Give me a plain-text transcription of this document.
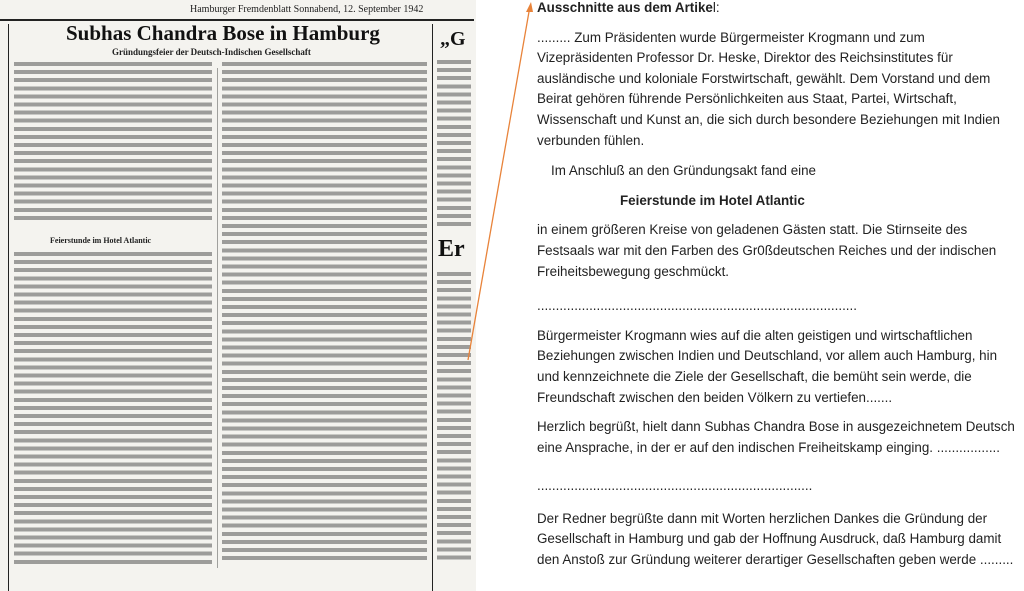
Hamburger Fremdenblatt Sonnabend, 12. September 1942
Subhas Chandra Bose in Hamburg
Gründungsfeier der Deutsch-Indischen Gesellschaft
Feierstunde im Hotel Atlantic
„G
Er

Ausschnitte aus dem Artikel:

......... Zum Präsidenten wurde Bürgermeister Krogmann und zum Vizepräsidenten Professor Dr. Heske, Direktor des Reichsinstitutes für ausländische und koloniale Forstwirtschaft, gewählt. Dem Vorstand und dem Beirat gehören führende Persönlichkeiten aus Staat, Partei, Wirtschaft, Wissenschaft und Kunst an, die sich durch besondere Beziehungen mit Indien verbunden fühlen.

Im Anschluß an den Gründungsakt fand eine

Feierstunde im Hotel Atlantic

in einem größeren Kreise von geladenen Gästen statt. Die Stirnseite des Festsaals war mit den Farben des Gr0ßdeutschen Reiches und der indischen Freiheitsbewegung geschmückt.

......................................................................................

Bürgermeister Krogmann wies auf die alten geistigen und wirtschaftlichen Beziehungen zwischen Indien und Deutschland, vor allem auch Hamburg, hin und kennzeichnete die Ziele der Gesellschaft, die bemüht sein werde, die Freundschaft zwischen den beiden Völkern zu vertiefen.......

Herzlich begrüßt, hielt dann Subhas Chandra Bose in ausgezeichnetem Deutsch eine Ansprache, in der er auf den indischen Freiheitskamp einging. .................

..........................................................................

Der Redner begrüßte dann mit Worten herzlichen Dankes die Gründung der Gesellschaft in Hamburg und gab der Hoffnung Ausdruck, daß Hamburg damit den Anstoß zur Gründung weiterer derartiger Gesellschaften geben werde .........
